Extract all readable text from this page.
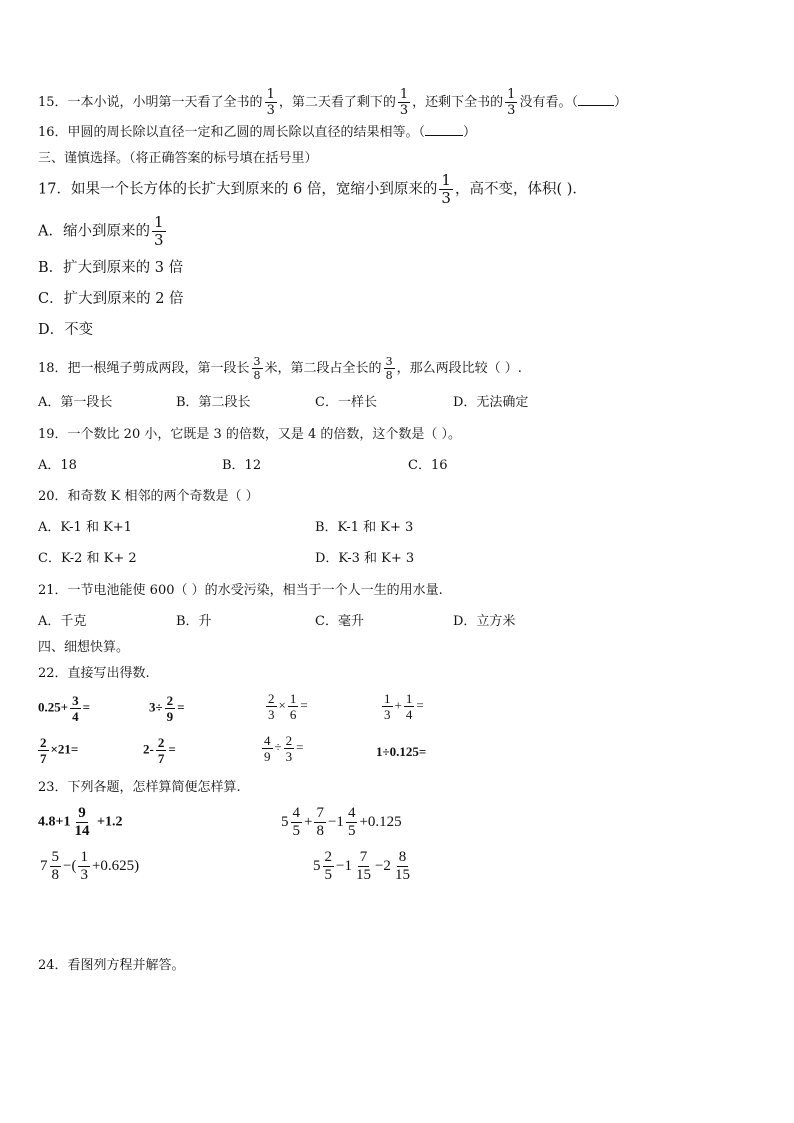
15．一本小说，小明第一天看了全书的 $\frac{1}{3}$ ，第二天看了剩下的 $\frac{1}{3}$ ，还剩下全书的 $\frac{1}{3}$ 没有看。（	）
16．甲圆的周长除以直径一定和乙圆的周长除以直径的结果相等。（	）
三、谨慎选择。（将正确答案的标号填在括号里）
17．如果一个长方体的长扩大到原来的 6 倍，宽缩小到原来的 $\frac{1}{3}$ ，高不变，体积( )．
A．缩小到原来的 $\frac{1}{3}$
B．扩大到原来的 3 倍
C．扩大到原来的 2 倍
D．不变
18．把一根绳子剪成两段，第一段长 $\frac{3}{8}$ 米，第二段占全长的 $\frac{3}{8}$ ，那么两段比较（ ）.
A．第一段长	B．第二段长	C．一样长	D．无法确定
19．一个数比 20 小，它既是 3 的倍数，又是 4 的倍数，这个数是（ ）。
A．18	B．12	C．16
20．和奇数 K 相邻的两个奇数是（ ）
A．K-1 和 K+1	B．K-1 和 K+ 3
C．K-2 和 K+ 2	D．K-3 和 K+ 3
21．一节电池能使 600（ ）的水受污染，相当于一个人一生的用水量.
A．千克	B．升	C．毫升	D．立方米
四、细想快算。
22．直接写出得数.
$0.25+ \frac{3}{4}$ =	$3\div \frac{2}{9}$ =	$\frac{2}{3} \times \frac{1}{6}$ =	$\frac{1}{3} + \frac{1}{4}$ =
$\frac{2}{7} \times 21=$	$2- \frac{2}{7}$ =	$\frac{4}{9} \div \frac{2}{3}$ =	1÷0.125=
23．下列各题，怎样算简便怎样算.
$4.8+1 \frac{9}{14} +1.2$	$5 \frac{4}{5} + \frac{7}{8} -1 \frac{4}{5} +0.125$
$7 \frac{5}{8}$ −( $\frac{1}{3} +0.625$)	$5 \frac{2}{5} -1 \frac{7}{15} -2 \frac{8}{15}$
24．看图列方程并解答。
